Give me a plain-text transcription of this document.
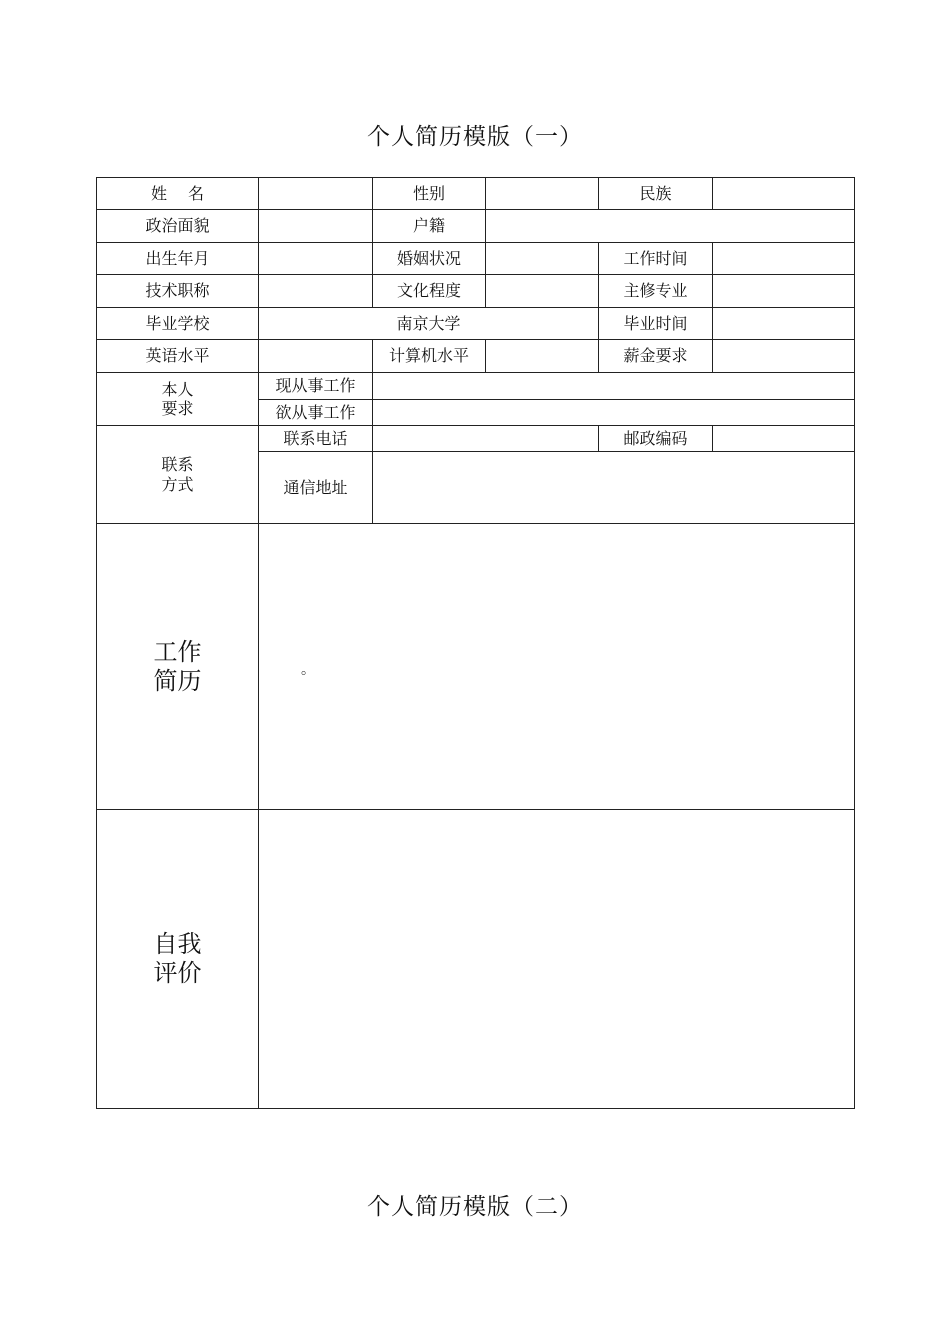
个人简历模版（一）
姓　 名		性别		民族	
政治面貌		户籍			
出生年月		婚姻状况		工作时间	
技术职称		文化程度		主修专业	
毕业学校	南京大学			毕业时间	
英语水平		计算机水平		薪金要求	

本人
要求	现从事工作				
	欲从事工作				

联系
方式	联系电话			邮政编码	
	通信地址				

工作
简历	。				

自我
评价					

个人简历模版（二）
